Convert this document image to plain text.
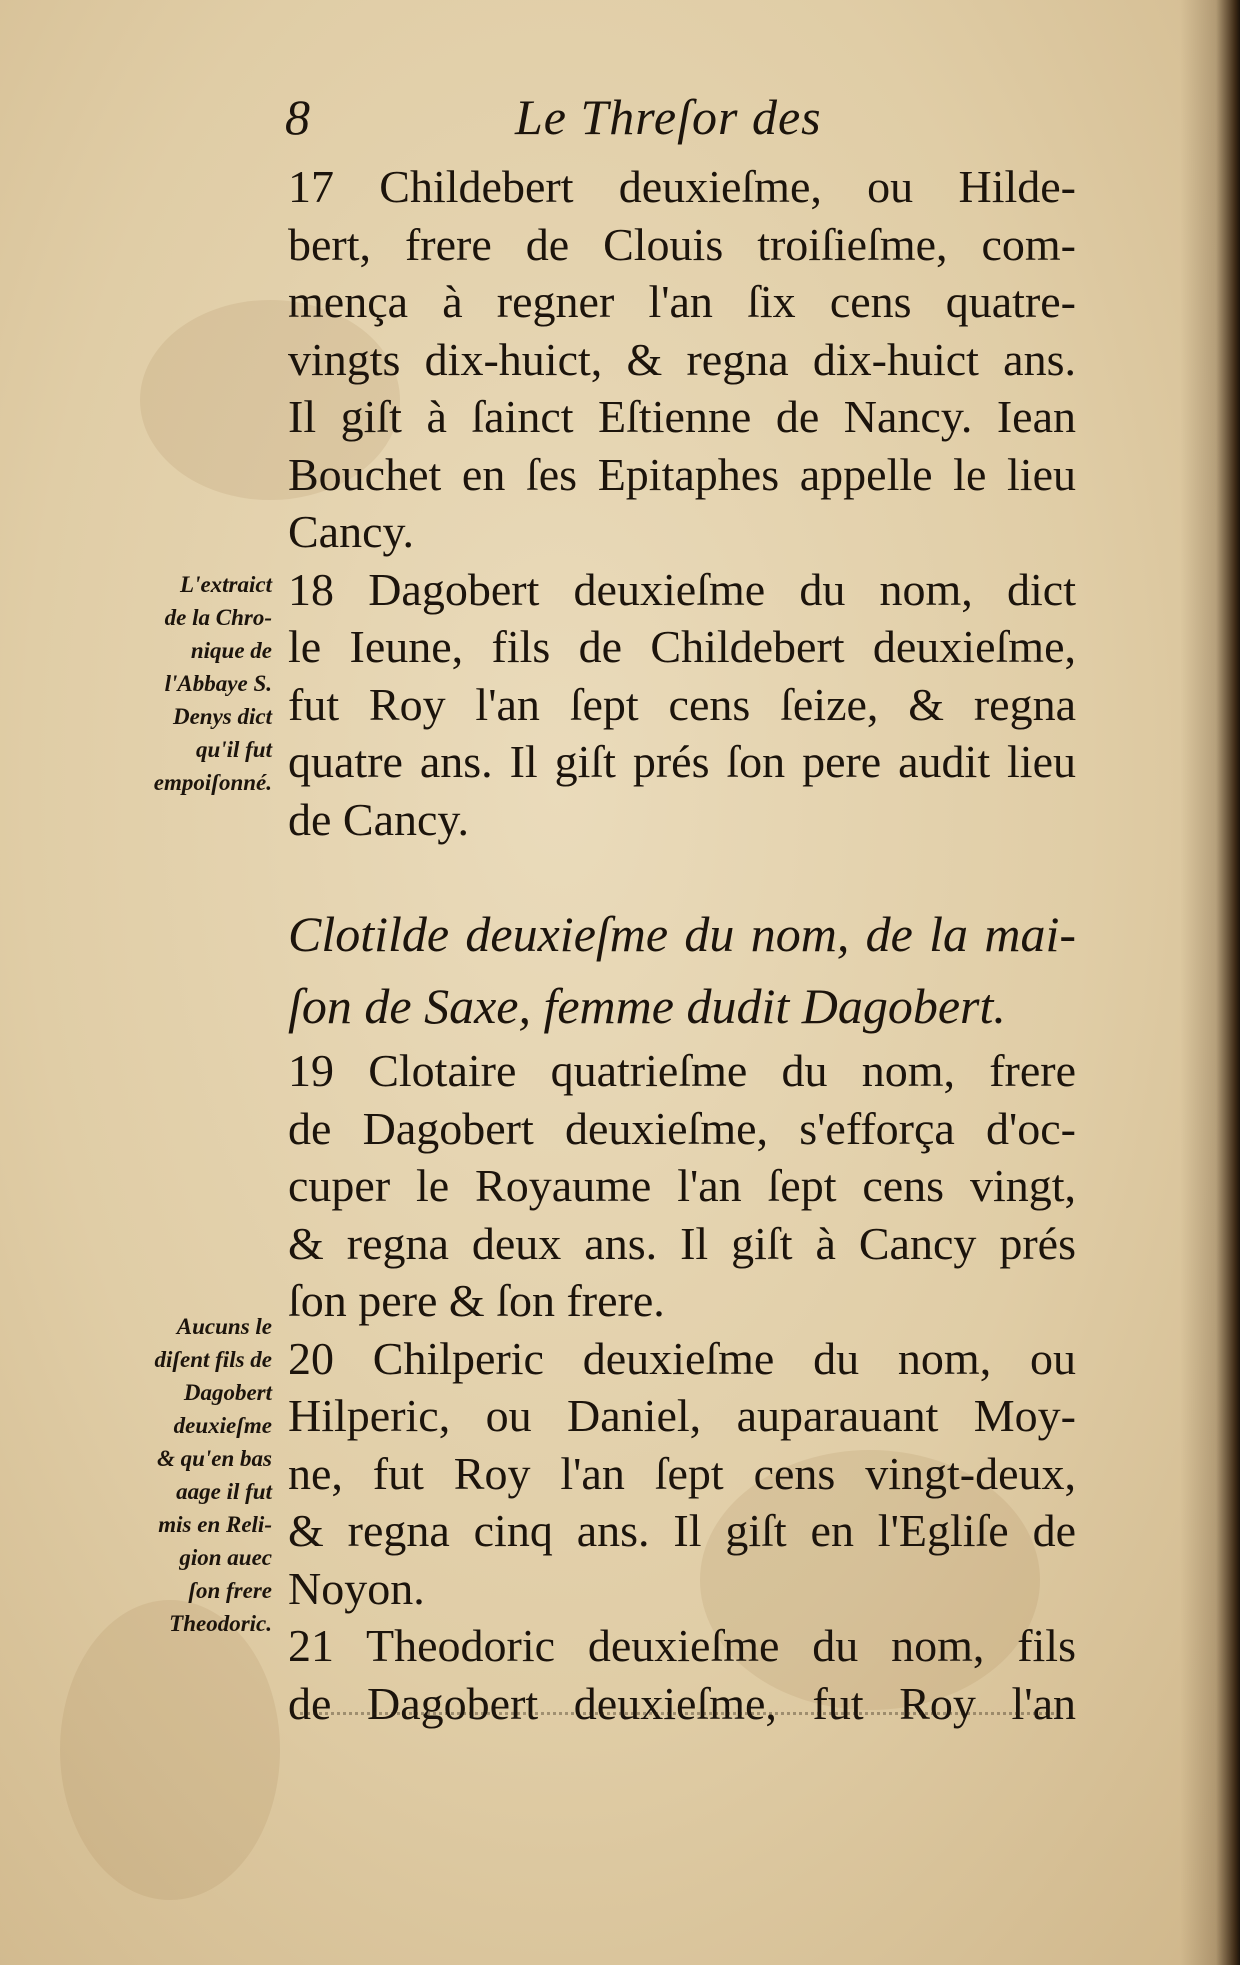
8	Le Threſor des
17 Childebert deuxieſme, ou Hilde-
bert, frere de Clouis troiſieſme, com-
mença à regner l'an ſix cens quatre-
vingts dix-huict, & regna dix-huict ans.
Il giſt à ſainct Eſtienne de Nancy. Iean
Bouchet en ſes Epitaphes appelle le lieu
Cancy.
18 Dagobert deuxieſme du nom, dict
le Ieune, fils de Childebert deuxieſme,
fut Roy l'an ſept cens ſeize, & regna
quatre ans. Il giſt prés ſon pere audit lieu
de Cancy.
Clotilde deuxieſme du nom, de la mai-
ſon de Saxe, femme dudit Dagobert.
19 Clotaire quatrieſme du nom, frere
de Dagobert deuxieſme, s'efforça d'oc-
cuper le Royaume l'an ſept cens vingt,
& regna deux ans. Il giſt à Cancy prés
ſon pere & ſon frere.
20 Chilperic deuxieſme du nom, ou
Hilperic, ou Daniel, auparauant Moy-
ne, fut Roy l'an ſept cens vingt-deux,
& regna cinq ans. Il giſt en l'Egliſe de
Noyon.
21 Theodoric deuxieſme du nom, fils
de Dagobert deuxieſme, fut Roy l'an
L'extraict
de la Chro-
nique de
l'Abbaye S.
Denys dict
qu'il fut
empoiſonné.
Aucuns le
diſent fils de
Dagobert
deuxieſme
& qu'en bas
aage il fut
mis en Reli-
gion auec
ſon frere
Theodoric.
